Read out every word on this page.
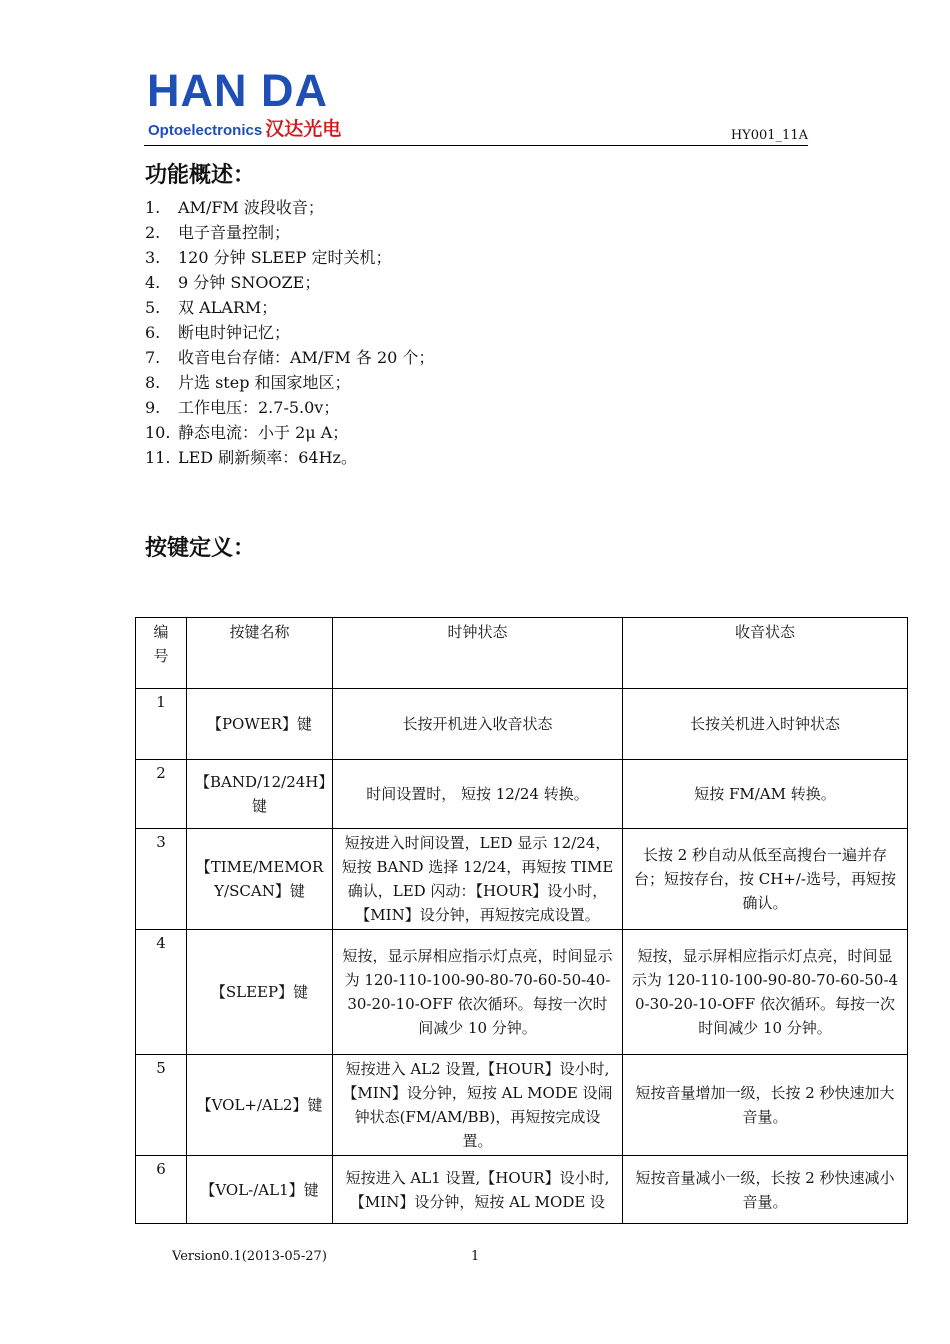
HAN DA
Optoelectronics 汉达光电	HY001_11A
功能概述：
1. AM/FM 波段收音；
2. 电子音量控制；
3. 120 分钟 SLEEP 定时关机；
4. 9 分钟 SNOOZE；
5. 双 ALARM；
6. 断电时钟记忆；
7. 收音电台存储：AM/FM 各 20 个；
8. 片选 step 和国家地区；
9. 工作电压：2.7-5.0v；
10. 静态电流：小于 2μ A；
11. LED 刷新频率：64Hz。
按键定义：
编号	按键名称	时钟状态	收音状态
1	【POWER】键	长按开机进入收音状态	长按关机进入时钟状态
2	【BAND/12/24H】键	时间设置时， 短按 12/24 转换。	短按 FM/AM 转换。
3	【TIME/MEMORY/SCAN】键	短按进入时间设置，LED 显示 12/24，短按 BAND 选择 12/24，再短按 TIME 确认，LED 闪动：【HOUR】设小时，【MIN】设分钟，再短按完成设置。	长按 2 秒自动从低至高搜台一遍并存台；短按存台，按 CH+/-选号，再短按确认。
4	【SLEEP】键	短按，显示屏相应指示灯点亮，时间显示为 120-110-100-90-80-70-60-50-40-30-20-10-OFF 依次循环。每按一次时间减少 10 分钟。	短按，显示屏相应指示灯点亮，时间显示为 120-110-100-90-80-70-60-50-40-30-20-10-OFF 依次循环。每按一次时间减少 10 分钟。
5	【VOL+/AL2】键	短按进入 AL2 设置,【HOUR】设小时,【MIN】设分钟，短按 AL MODE 设闹钟状态(FM/AM/BB)，再短按完成设置。	短按音量增加一级，长按 2 秒快速加大音量。
6	【VOL-/AL1】键	短按进入 AL1 设置,【HOUR】设小时,【MIN】设分钟，短按 AL MODE 设	短按音量减小一级，长按 2 秒快速减小音量。
Version0.1(2013-05-27)	1
